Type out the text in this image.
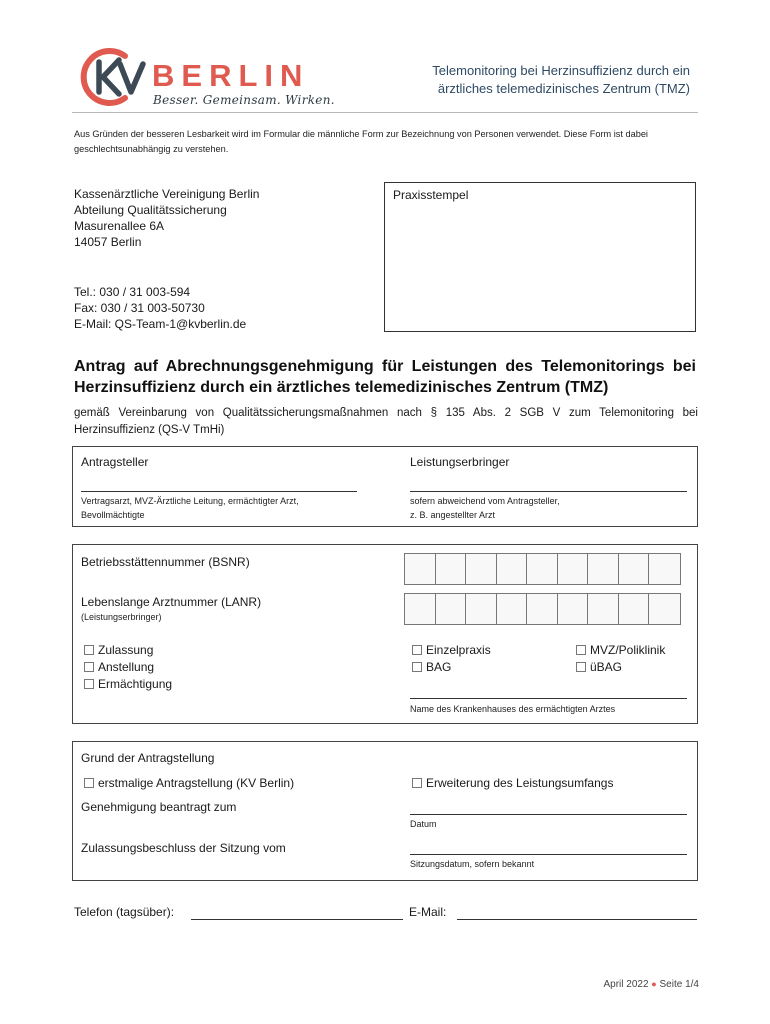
BERLIN
Besser. Gemeinsam. Wirken.
Telemonitoring bei Herzinsuffizienz durch ein
ärztliches telemedizinisches Zentrum (TMZ)
Aus Gründen der besseren Lesbarkeit wird im Formular die männliche Form zur Bezeichnung von Personen verwendet. Diese Form ist dabei geschlechtsunabhängig zu verstehen.
Kassenärztliche Vereinigung Berlin
Abteilung Qualitätssicherung
Masurenallee 6A
14057 Berlin
Tel.: 030 / 31 003-594
Fax: 030 / 31 003-50730
E-Mail: QS-Team-1@kvberlin.de
Praxisstempel
Antrag auf Abrechnungsgenehmigung für Leistungen des Telemonitorings bei Herzinsuffizienz durch ein ärztliches telemedizinisches Zentrum (TMZ)
gemäß Vereinbarung von Qualitätssicherungsmaßnahmen nach § 135 Abs. 2 SGB V zum Telemonitoring bei Herzinsuffizienz (QS-V TmHi)
Antragsteller
Vertragsarzt, MVZ-Ärztliche Leitung, ermächtigter Arzt,
Bevollmächtigte
Leistungserbringer
sofern abweichend vom Antragsteller,
z. B. angestellter Arzt
Betriebsstättennummer (BSNR)
Lebenslange Arztnummer (LANR)
(Leistungserbringer)
Zulassung
Anstellung
Ermächtigung
Einzelpraxis
BAG
MVZ/Poliklinik
üBAG
Name des Krankenhauses des ermächtigten Arztes
Grund der Antragstellung
erstmalige Antragstellung (KV Berlin)	Erweiterung des Leistungsumfangs
Genehmigung beantragt zum
Datum
Zulassungsbeschluss der Sitzung vom
Sitzungsdatum, sofern bekannt
Telefon (tagsüber):	E-Mail:
April 2022 ● Seite 1/4
